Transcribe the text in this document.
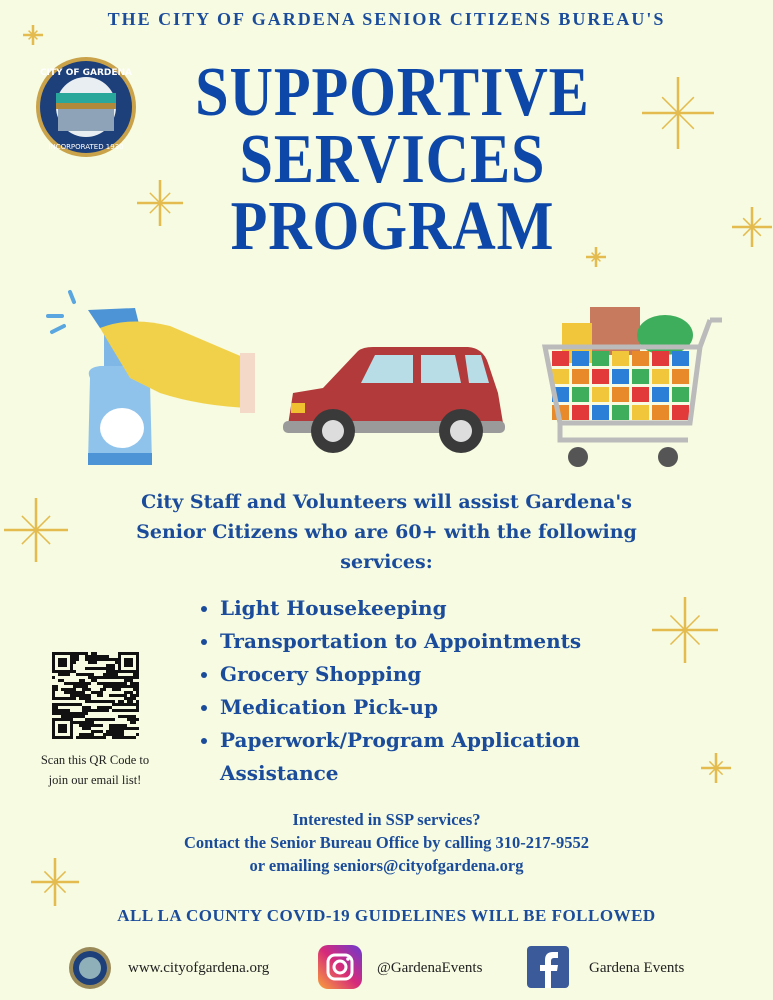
THE CITY OF GARDENA SENIOR CITIZENS BUREAU'S
SUPPORTIVE
SERVICES
PROGRAM
CITY OF GARDENA
INCORPORATED 1930
City Staff and Volunteers will assist Gardena's
Senior Citizens who are 60+ with the following
services:
Light Housekeeping
Transportation to Appointments
Grocery Shopping
Medication Pick-up
Paperwork/Program Application Assistance
Scan this QR Code to
join our email list!
Interested in SSP services?
Contact the Senior Bureau Office by calling 310-217-9552
or emailing seniors@cityofgardena.org
ALL LA COUNTY COVID-19 GUIDELINES WILL BE FOLLOWED
www.cityofgardena.org	@GardenaEvents	Gardena Events
